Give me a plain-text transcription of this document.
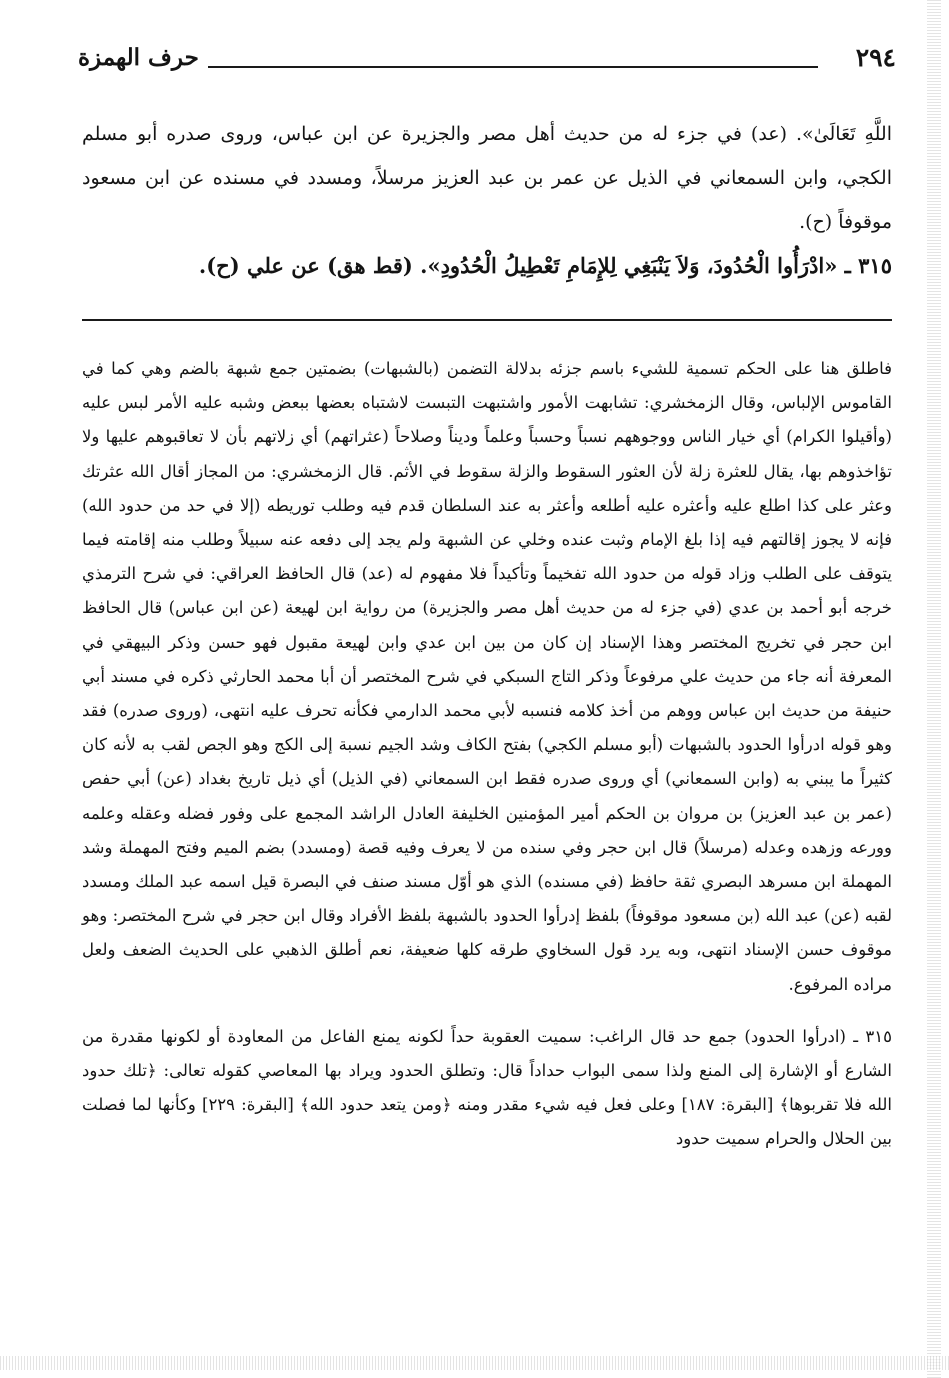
٢٩٤
حرف الهمزة

اللَّهِ تَعَالَىٰ». (عد) في جزء له من حديث أهل مصر والجزيرة عن ابن عباس، وروى صدره أبو مسلم الكجي، وابن السمعاني في الذيل عن عمر بن عبد العزيز مرسلاً، ومسدد في مسنده عن ابن مسعود موقوفاً (ح).

٣١٥ ـ «ادْرَأُوا الْحُدُودَ، وَلاَ يَنْبَغِي لِلإِمَامِ تَعْطِيلُ الْحُدُودِ». (قط هق) عن علي (ح).

فاطلق هنا على الحكم تسمية للشيء باسم جزئه بدلالة التضمن (بالشبهات) بضمتين جمع شبهة بالضم وهي كما في القاموس الإلباس، وقال الزمخشري: تشابهت الأمور واشتبهت التبست لاشتباه بعضها ببعض وشبه عليه الأمر لبس عليه (وأقيلوا الكرام) أي خيار الناس ووجوههم نسباً وحسباً وعلماً وديناً وصلاحاً (عثراتهم) أي زلاتهم بأن لا تعاقبوهم عليها ولا تؤاخذوهم بها، يقال للعثرة زلة لأن العثور السقوط والزلة سقوط في الأثم. قال الزمخشري: من المجاز أقال الله عثرتك وعثر على كذا اطلع عليه وأعثره عليه أطلعه وأعثر به عند السلطان قدم فيه وطلب توريطه (إلا في حد من حدود الله) فإنه لا يجوز إقالتهم فيه إذا بلغ الإمام وثبت عنده وخلي عن الشبهة ولم يجد إلى دفعه عنه سبيلاً وطلب منه إقامته فيما يتوقف على الطلب وزاد قوله من حدود الله تفخيماً وتأكيداً فلا مفهوم له (عد) قال الحافظ العراقي: في شرح الترمذي خرجه أبو أحمد بن عدي (في جزء له من حديث أهل مصر والجزيرة) من رواية ابن لهيعة (عن ابن عباس) قال الحافظ ابن حجر في تخريج المختصر وهذا الإسناد إن كان من بين ابن عدي وابن لهيعة مقبول فهو حسن وذكر البيهقي في المعرفة أنه جاء من حديث علي مرفوعاً وذكر التاج السبكي في شرح المختصر أن أبا محمد الحارثي ذكره في مسند أبي حنيفة من حديث ابن عباس ووهم من أخذ كلامه فنسبه لأبي محمد الدارمي فكأنه تحرف عليه انتهى، (وروى صدره) فقد وهو قوله ادرأوا الحدود بالشبهات (أبو مسلم الكجي) بفتح الكاف وشد الجيم نسبة إلى الكج وهو الجص لقب به لأنه كان كثيراً ما يبني به (وابن السمعاني) أي وروى صدره فقط ابن السمعاني (في الذيل) أي ذيل تاريخ بغداد (عن) أبي حفص (عمر بن عبد العزيز) بن مروان بن الحكم أمير المؤمنين الخليفة العادل الراشد المجمع على وفور فضله وعقله وعلمه وورعه وزهده وعدله (مرسلاً) قال ابن حجر وفي سنده من لا يعرف وفيه قصة (ومسدد) بضم الميم وفتح المهملة وشد المهملة ابن مسرهد البصري ثقة حافظ (في مسنده) الذي هو أوّل مسند صنف في البصرة قيل اسمه عبد الملك ومسدد لقبه (عن) عبد الله (بن مسعود موقوفاً) بلفظ إدرأوا الحدود بالشبهة بلفظ الأفراد وقال ابن حجر في شرح المختصر: وهو موقوف حسن الإسناد انتهى، وبه يرد قول السخاوي طرقه كلها ضعيفة، نعم أطلق الذهبي على الحديث الضعف ولعل مراده المرفوع.

٣١٥ ـ (ادرأوا الحدود) جمع حد قال الراغب: سميت العقوبة حداً لكونه يمنع الفاعل من المعاودة أو لكونها مقدرة من الشارع أو الإشارة إلى المنع ولذا سمى البواب حداداً قال: وتطلق الحدود ويراد بها المعاصي كقوله تعالى: ﴿تلك حدود الله فلا تقربوها﴾ [البقرة: ١٨٧] وعلى فعل فيه شيء مقدر ومنه ﴿ومن يتعد حدود الله﴾ [البقرة: ٢٢٩] وكأنها لما فصلت بين الحلال والحرام سميت حدود
